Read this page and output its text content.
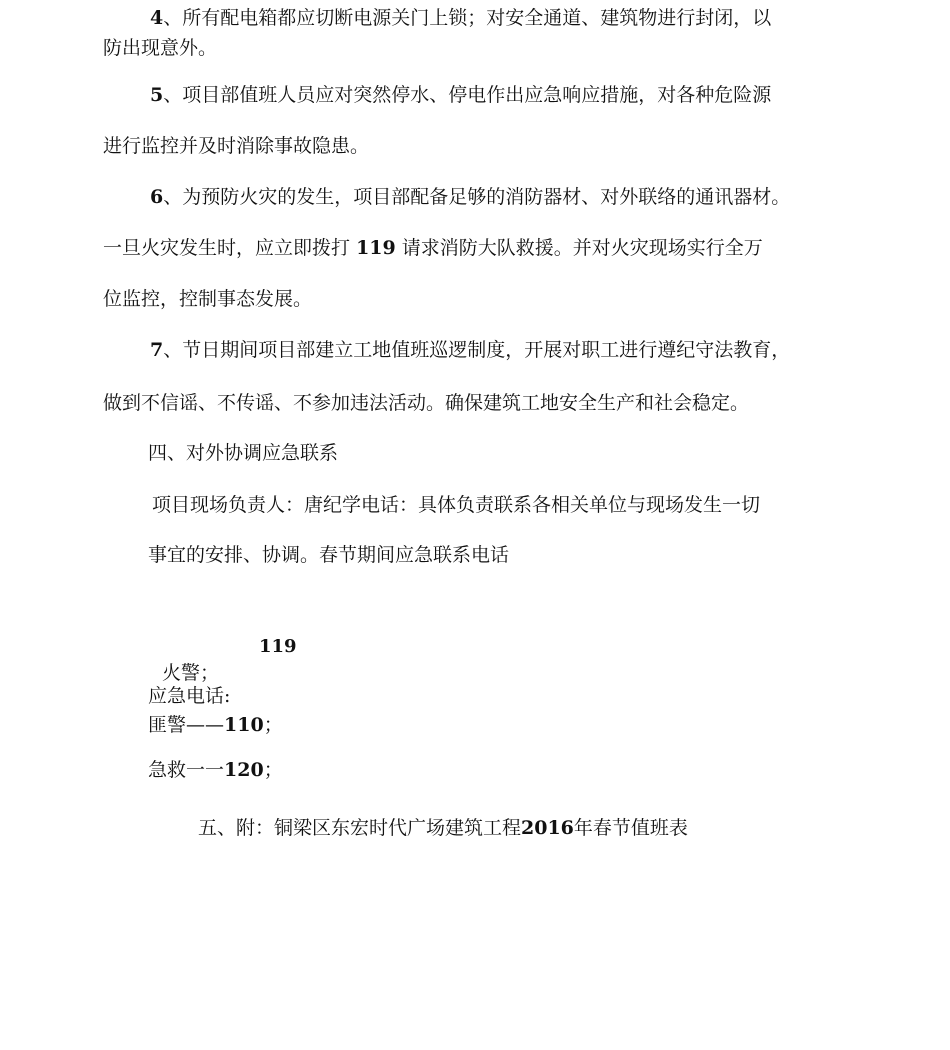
4、所有配电箱都应切断电源关门上锁；对安全通道、建筑物进行封闭，以
防出现意外。
5、项目部值班人员应对突然停水、停电作出应急响应措施，对各种危险源
进行监控并及时消除事故隐患。
6、为预防火灾的发生，项目部配备足够的消防器材、对外联络的通讯器材。
一旦火灾发生时，应立即拨打 119 请求消防大队救援。并对火灾现场实行全万
位监控，控制事态发展。
7、节日期间项目部建立工地值班巡逻制度，开展对职工进行遵纪守法教育，
做到不信谣、不传谣、不参加违法活动。确保建筑工地安全生产和社会稳定。
四、对外协调应急联系
项目现场负责人：唐纪学电话：具体负责联系各相关单位与现场发生一切
事宜的安排、协调。春节期间应急联系电话
119
火警；
应急电话:
匪警——110；
急救一一120；
五、附：铜梁区东宏时代广场建筑工程2016年春节值班表
